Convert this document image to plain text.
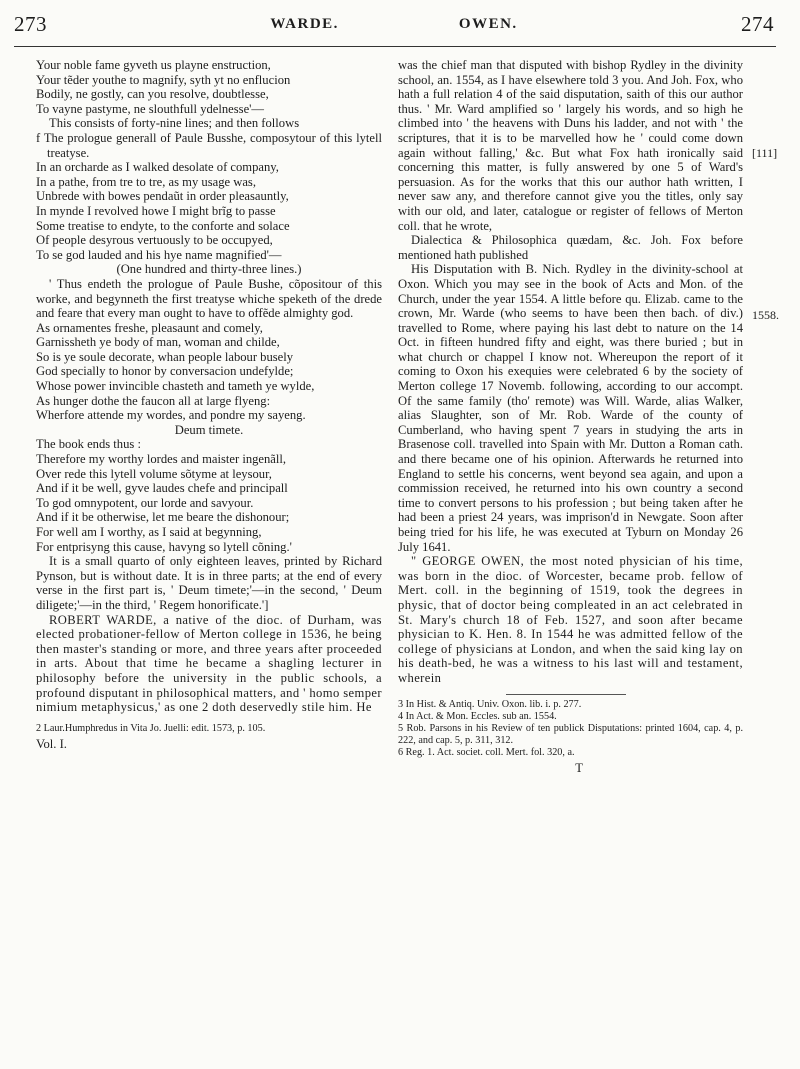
273	WARDE.	OWEN.	274

Your noble fame gyveth us playne enstruction,

Your tẽder youthe to magnify, syth yt no enflucion

Bodily, ne gostly, can you resolve, doubtlesse,

To vayne pastyme, ne slouthfull ydelnesse'—

This consists of forty-nine lines; and then follows

f The prologue generall of Paule Busshe, composytour of this lytell treatyse.

In an orcharde as I walked desolate of company,

In a pathe, from tre to tre, as my usage was,

Unbrede with bowes pendaũt in order pleasauntly,

In mynde I revolved howe I might brĩg to passe

Some treatise to endyte, to the conforte and solace

Of people desyrous vertuously to be occupyed,

To se god lauded and his hye name magnified'—

(One hundred and thirty-three lines.)

' Thus endeth the prologue of Paule Bushe, cõpositour of this worke, and begynneth the first treatyse whiche speketh of the drede and feare that every man ought to have to offẽde almighty god.

As ornamentes freshe, pleasaunt and comely,

Garnissheth ye body of man, woman and childe,

So is ye soule decorate, whan people labour busely

God specially to honor by conversacion undefylde;

Whose power invincible chasteth and tameth ye wylde,

As hunger dothe the faucon all at large flyeng:

Wherfore attende my wordes, and pondre my sayeng.

Deum timete.

The book ends thus :

Therefore my worthy lordes and maister ingenãll,

Over rede this lytell volume sõtyme at leysour,

And if it be well, gyve laudes chefe and principall

To god omnypotent, our lorde and savyour.

And if it be otherwise, let me beare the dishonour;

For well am I worthy, as I said at begynning,

For entprisyng this cause, havyng so lytell cõning.'

It is a small quarto of only eighteen leaves, printed by Richard Pynson, but is without date. It is in three parts; at the end of every verse in the first part is, ' Deum timete;'—in the second, ' Deum diligete;'—in the third, ' Regem honorificate.']

ROBERT WARDE, a native of the dioc. of Durham, was elected probationer-fellow of Merton college in 1536, he being then master's standing or more, and three years after proceeded in arts. About that time he became a shagling lecturer in philosophy before the university in the public schools, a profound disputant in philosophical matters, and ' homo semper nimium metaphysicus,' as one 2 doth deservedly stile him. He

2 Laur.Humphredus in Vita Jo. Juelli: edit. 1573, p. 105.

Vol. I.

was the chief man that disputed with bishop Rydley in the divinity school, an. 1554, as I have elsewhere told 3 you. And Joh. Fox, who hath a full relation 4 of the said disputation, saith of this our author thus. ' Mr. Ward amplified so ' largely his words, and so high he climbed into ' the heavens with Duns his ladder, and not with ' the scriptures, that it is to be marvelled how he ' could come down again without falling,' &c. But what Fox hath ironically said concerning this matter, is fully answered by one 5 of Ward's persuasion. As for the works that this our author hath written, I never saw any, and therefore cannot give you the titles, only say with our old, and later, catalogue or register of fellows of Merton coll. that he wrote,

Dialectica & Philosophica quædam, &c. Joh. Fox before mentioned hath published

His Disputation with B. Nich. Rydley in the divinity-school at Oxon. Which you may see in the book of Acts and Mon. of the Church, under the year 1554. A little before qu. Elizab. came to the crown, Mr. Warde (who seems to have been then bach. of div.) travelled to Rome, where paying his last debt to nature on the 14 Oct. in fifteen hundred fifty and eight, was there buried ; but in what church or chappel I know not. Whereupon the report of it coming to Oxon his exequies were celebrated 6 by the society of Merton college 17 Novemb. following, according to our accompt. Of the same family (tho' remote) was Will. Warde, alias Walker, alias Slaughter, son of Mr. Rob. Warde of the county of Cumberland, who having spent 7 years in studying the arts in Brasenose coll. travelled into Spain with Mr. Dutton a Roman cath. and there became one of his opinion. Afterwards he returned into England to settle his concerns, went beyond sea again, and upon a commission received, he returned into his own country a second time to convert persons to his profession ; but being taken after he had been a priest 24 years, was imprison'd in Newgate. Soon after being tried for his life, he was executed at Tyburn on Monday 26 July 1641.

" GEORGE OWEN, the most noted physician of his time, was born in the dioc. of Worcester, became prob. fellow of Mert. coll. in the beginning of 1519, took the degrees in physic, that of doctor being compleated in an act celebrated in St. Mary's church 18 of Feb. 1527, and soon after became physician to K. Hen. 8. In 1544 he was admitted fellow of the college of physicians at London, and when the said king lay on his death-bed, he was a witness to his last will and testament, wherein

3 In Hist. & Antiq. Univ. Oxon. lib. i. p. 277.

4 In Act. & Mon. Eccles. sub an. 1554.

5 Rob. Parsons in his Review of ten publick Disputations: printed 1604, cap. 4, p. 222, and cap. 5, p. 311, 312.

6 Reg. 1. Act. societ. coll. Mert. fol. 320, a.

T
[111]
1558.
